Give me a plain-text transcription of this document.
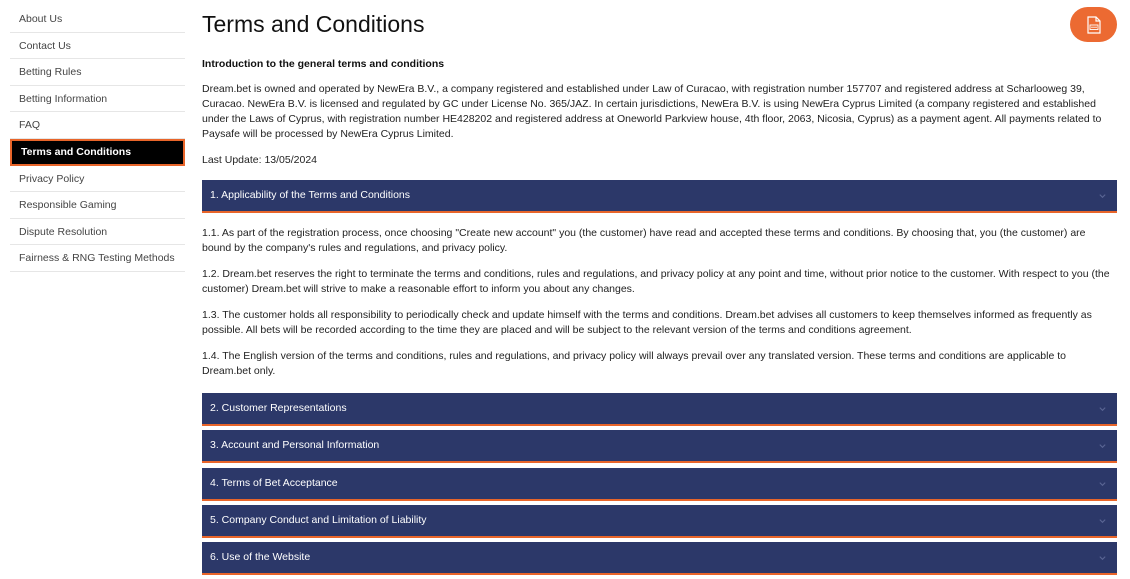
About Us
Contact Us
Betting Rules
Betting Information
FAQ
Terms and Conditions
Privacy Policy
Responsible Gaming
Dispute Resolution
Fairness & RNG Testing Methods
Terms and Conditions
Introduction to the general terms and conditions

Dream.bet is owned and operated by NewEra B.V., a company registered and established under Law of Curacao, with registration number 157707 and registered address at Scharlooweg 39, Curacao. NewEra B.V. is licensed and regulated by GC under License No. 365/JAZ. In certain jurisdictions, NewEra B.V. is using NewEra Cyprus Limited (a company registered and established under the Laws of Cyprus, with registration number HE428202 and registered address at Oneworld Parkview house, 4th floor, 2063, Nicosia, Cyprus) as a payment agent. All payments related to Paysafe will be processed by NewEra Cyprus Limited.

Last Update: 13/05/2024
1. Applicability of the Terms and Conditions

1.1. As part of the registration process, once choosing "Create new account" you (the customer) have read and accepted these terms and conditions. By choosing that, you (the customer) are bound by the company's rules and regulations, and privacy policy.

1.2. Dream.bet reserves the right to terminate the terms and conditions, rules and regulations, and privacy policy at any point and time, without prior notice to the customer. With respect to you (the customer) Dream.bet will strive to make a reasonable effort to inform you about any changes.

1.3. The customer holds all responsibility to periodically check and update himself with the terms and conditions. Dream.bet advises all customers to keep themselves informed as frequently as possible. All bets will be recorded according to the time they are placed and will be subject to the relevant version of the terms and conditions agreement.

1.4. The English version of the terms and conditions, rules and regulations, and privacy policy will always prevail over any translated version. These terms and conditions are applicable to Dream.bet only.

2. Customer Representations
3. Account and Personal Information
4. Terms of Bet Acceptance
5. Company Conduct and Limitation of Liability
6. Use of the Website
